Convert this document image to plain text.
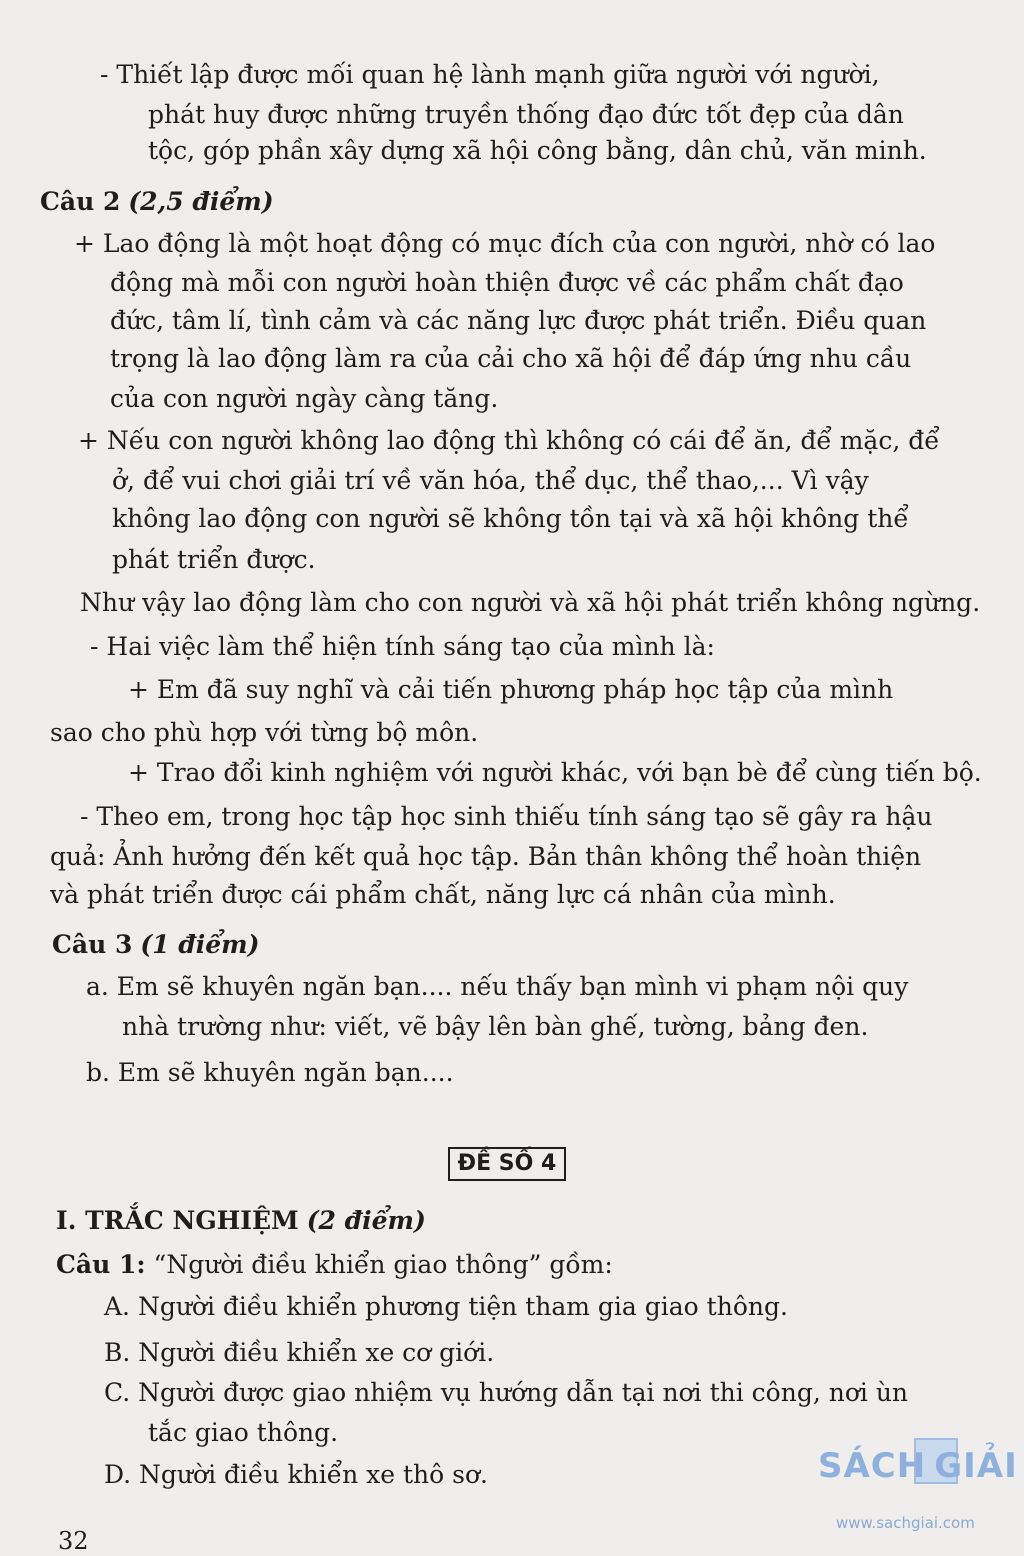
- Thiết lập được mối quan hệ lành mạnh giữa người với người,

phát huy được những truyền thống đạo đức tốt đẹp của dân

tộc, góp phần xây dựng xã hội công bằng, dân chủ, văn minh.

Câu 2 (2,5 điểm)

+ Lao động là một hoạt động có mục đích của con người, nhờ có lao

động mà mỗi con người hoàn thiện được về các phẩm chất đạo

đức, tâm lí, tình cảm và các năng lực được phát triển. Điều quan

trọng là lao động làm ra của cải cho xã hội để đáp ứng nhu cầu

của con người ngày càng tăng.

+ Nếu con người không lao động thì không có cái để ăn, để mặc, để

ở, để vui chơi giải trí về văn hóa, thể dục, thể thao,... Vì vậy

không lao động con người sẽ không tồn tại và xã hội không thể

phát triển được.

Như vậy lao động làm cho con người và xã hội phát triển không ngừng.

- Hai việc làm thể hiện tính sáng tạo của mình là:

+ Em đã suy nghĩ và cải tiến phương pháp học tập của mình

sao cho phù hợp với từng bộ môn.

+ Trao đổi kinh nghiệm với người khác, với bạn bè để cùng tiến bộ.

- Theo em, trong học tập học sinh thiếu tính sáng tạo sẽ gây ra hậu

quả: Ảnh hưởng đến kết quả học tập. Bản thân không thể hoàn thiện

và phát triển được cái phẩm chất, năng lực cá nhân của mình.

Câu 3 (1 điểm)

a. Em sẽ khuyên ngăn bạn.... nếu thấy bạn mình vi phạm nội quy

nhà trường như: viết, vẽ bậy lên bàn ghế, tường, bảng đen.

b. Em sẽ khuyên ngăn bạn....

ĐỀ SỐ 4

I. TRẮC NGHIỆM (2 điểm)

Câu 1: “Người điều khiển giao thông” gồm:

A. Người điều khiển phương tiện tham gia giao thông.

B. Người điều khiển xe cơ giới.

C. Người được giao nhiệm vụ hướng dẫn tại nơi thi công, nơi ùn

tắc giao thông.

D. Người điều khiển xe thô sơ.

32

SÁCH GIẢI

www.sachgiai.com
